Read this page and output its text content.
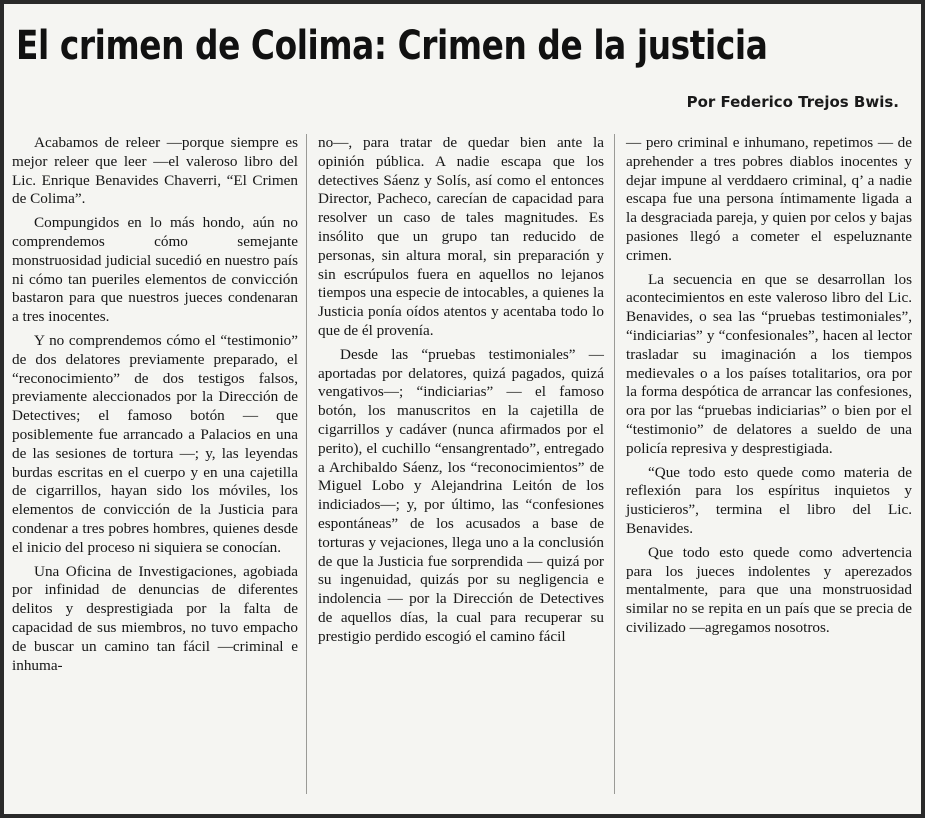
El crimen de Colima: Crimen de la justicia

Por Federico Trejos Bwis.

Acabamos de releer —porque siempre es mejor releer que leer —el valeroso libro del Lic. Enrique Benavides Chaverri, “El Crimen de Colima”.

Compungidos en lo más hondo, aún no comprendemos cómo semejante monstruosidad judicial sucedió en nuestro país ni cómo tan pueriles elementos de convicción bastaron para que nuestros jueces condenaran a tres inocentes.

Y no comprendemos cómo el “testimonio” de dos delatores previamente preparado, el “reconocimiento” de dos testigos falsos, previamente aleccionados por la Dirección de Detectives; el famoso botón — que posiblemente fue arrancado a Palacios en una de las sesiones de tortura —; y, las leyendas burdas escritas en el cuerpo y en una cajetilla de cigarrillos, hayan sido los móviles, los elementos de convicción de la Justicia para condenar a tres pobres hombres, quienes desde el inicio del proceso ni siquiera se conocían.

Una Oficina de Investigaciones, agobiada por infinidad de denuncias de diferentes delitos y desprestigiada por la falta de capacidad de sus miembros, no tuvo empacho de buscar un camino tan fácil —criminal e inhuma-

no—, para tratar de quedar bien ante la opinión pública. A nadie escapa que los detectives Sáenz y Solís, así como el entonces Director, Pacheco, carecían de capacidad para resolver un caso de tales magnitudes. Es insólito que un grupo tan reducido de personas, sin altura moral, sin preparación y sin escrúpulos fuera en aquellos no lejanos tiempos una especie de intocables, a quienes la Justicia ponía oídos atentos y acentaba todo lo que de él provenía.

Desde las “pruebas testimoniales” — aportadas por delatores, quizá pagados, quizá vengativos—; “indiciarias” — el famoso botón, los manuscritos en la cajetilla de cigarrillos y cadáver (nunca afirmados por el perito), el cuchillo “ensangrentado”, entregado a Archibaldo Sáenz, los “reconocimientos” de Miguel Lobo y Alejandrina Leitón de los indiciados—; y, por último, las “confesiones espontáneas” de los acusados a base de torturas y vejaciones, llega uno a la conclusión de que la Justicia fue sorprendida — quizá por su ingenuidad, quizás por su negligencia e indolencia — por la Dirección de Detectives de aquellos días, la cual para recuperar su prestigio perdido escogió el camino fácil

— pero criminal e inhumano, repetimos — de aprehender a tres pobres diablos inocentes y dejar impune al verddaero criminal, q’ a nadie escapa fue una persona íntimamente ligada a la desgraciada pareja, y quien por celos y bajas pasiones llegó a cometer el espeluznante crimen.

La secuencia en que se desarrollan los acontecimientos en este valeroso libro del Lic. Benavides, o sea las “pruebas testimoniales”, “indiciarias” y “confesionales”, hacen al lector trasladar su imaginación a los tiempos medievales o a los países totalitarios, ora por la forma despótica de arrancar las confesiones, ora por las “pruebas indiciarias” o bien por el “testimonio” de delatores a sueldo de una policía represiva y desprestigiada.

“Que todo esto quede como materia de reflexión para los espíritus inquietos y justicieros”, termina el libro del Lic. Benavides.

Que todo esto quede como advertencia para los jueces indolentes y aperezados mentalmente, para que una monstruosidad similar no se repita en un país que se precia de civilizado —agregamos nosotros.
